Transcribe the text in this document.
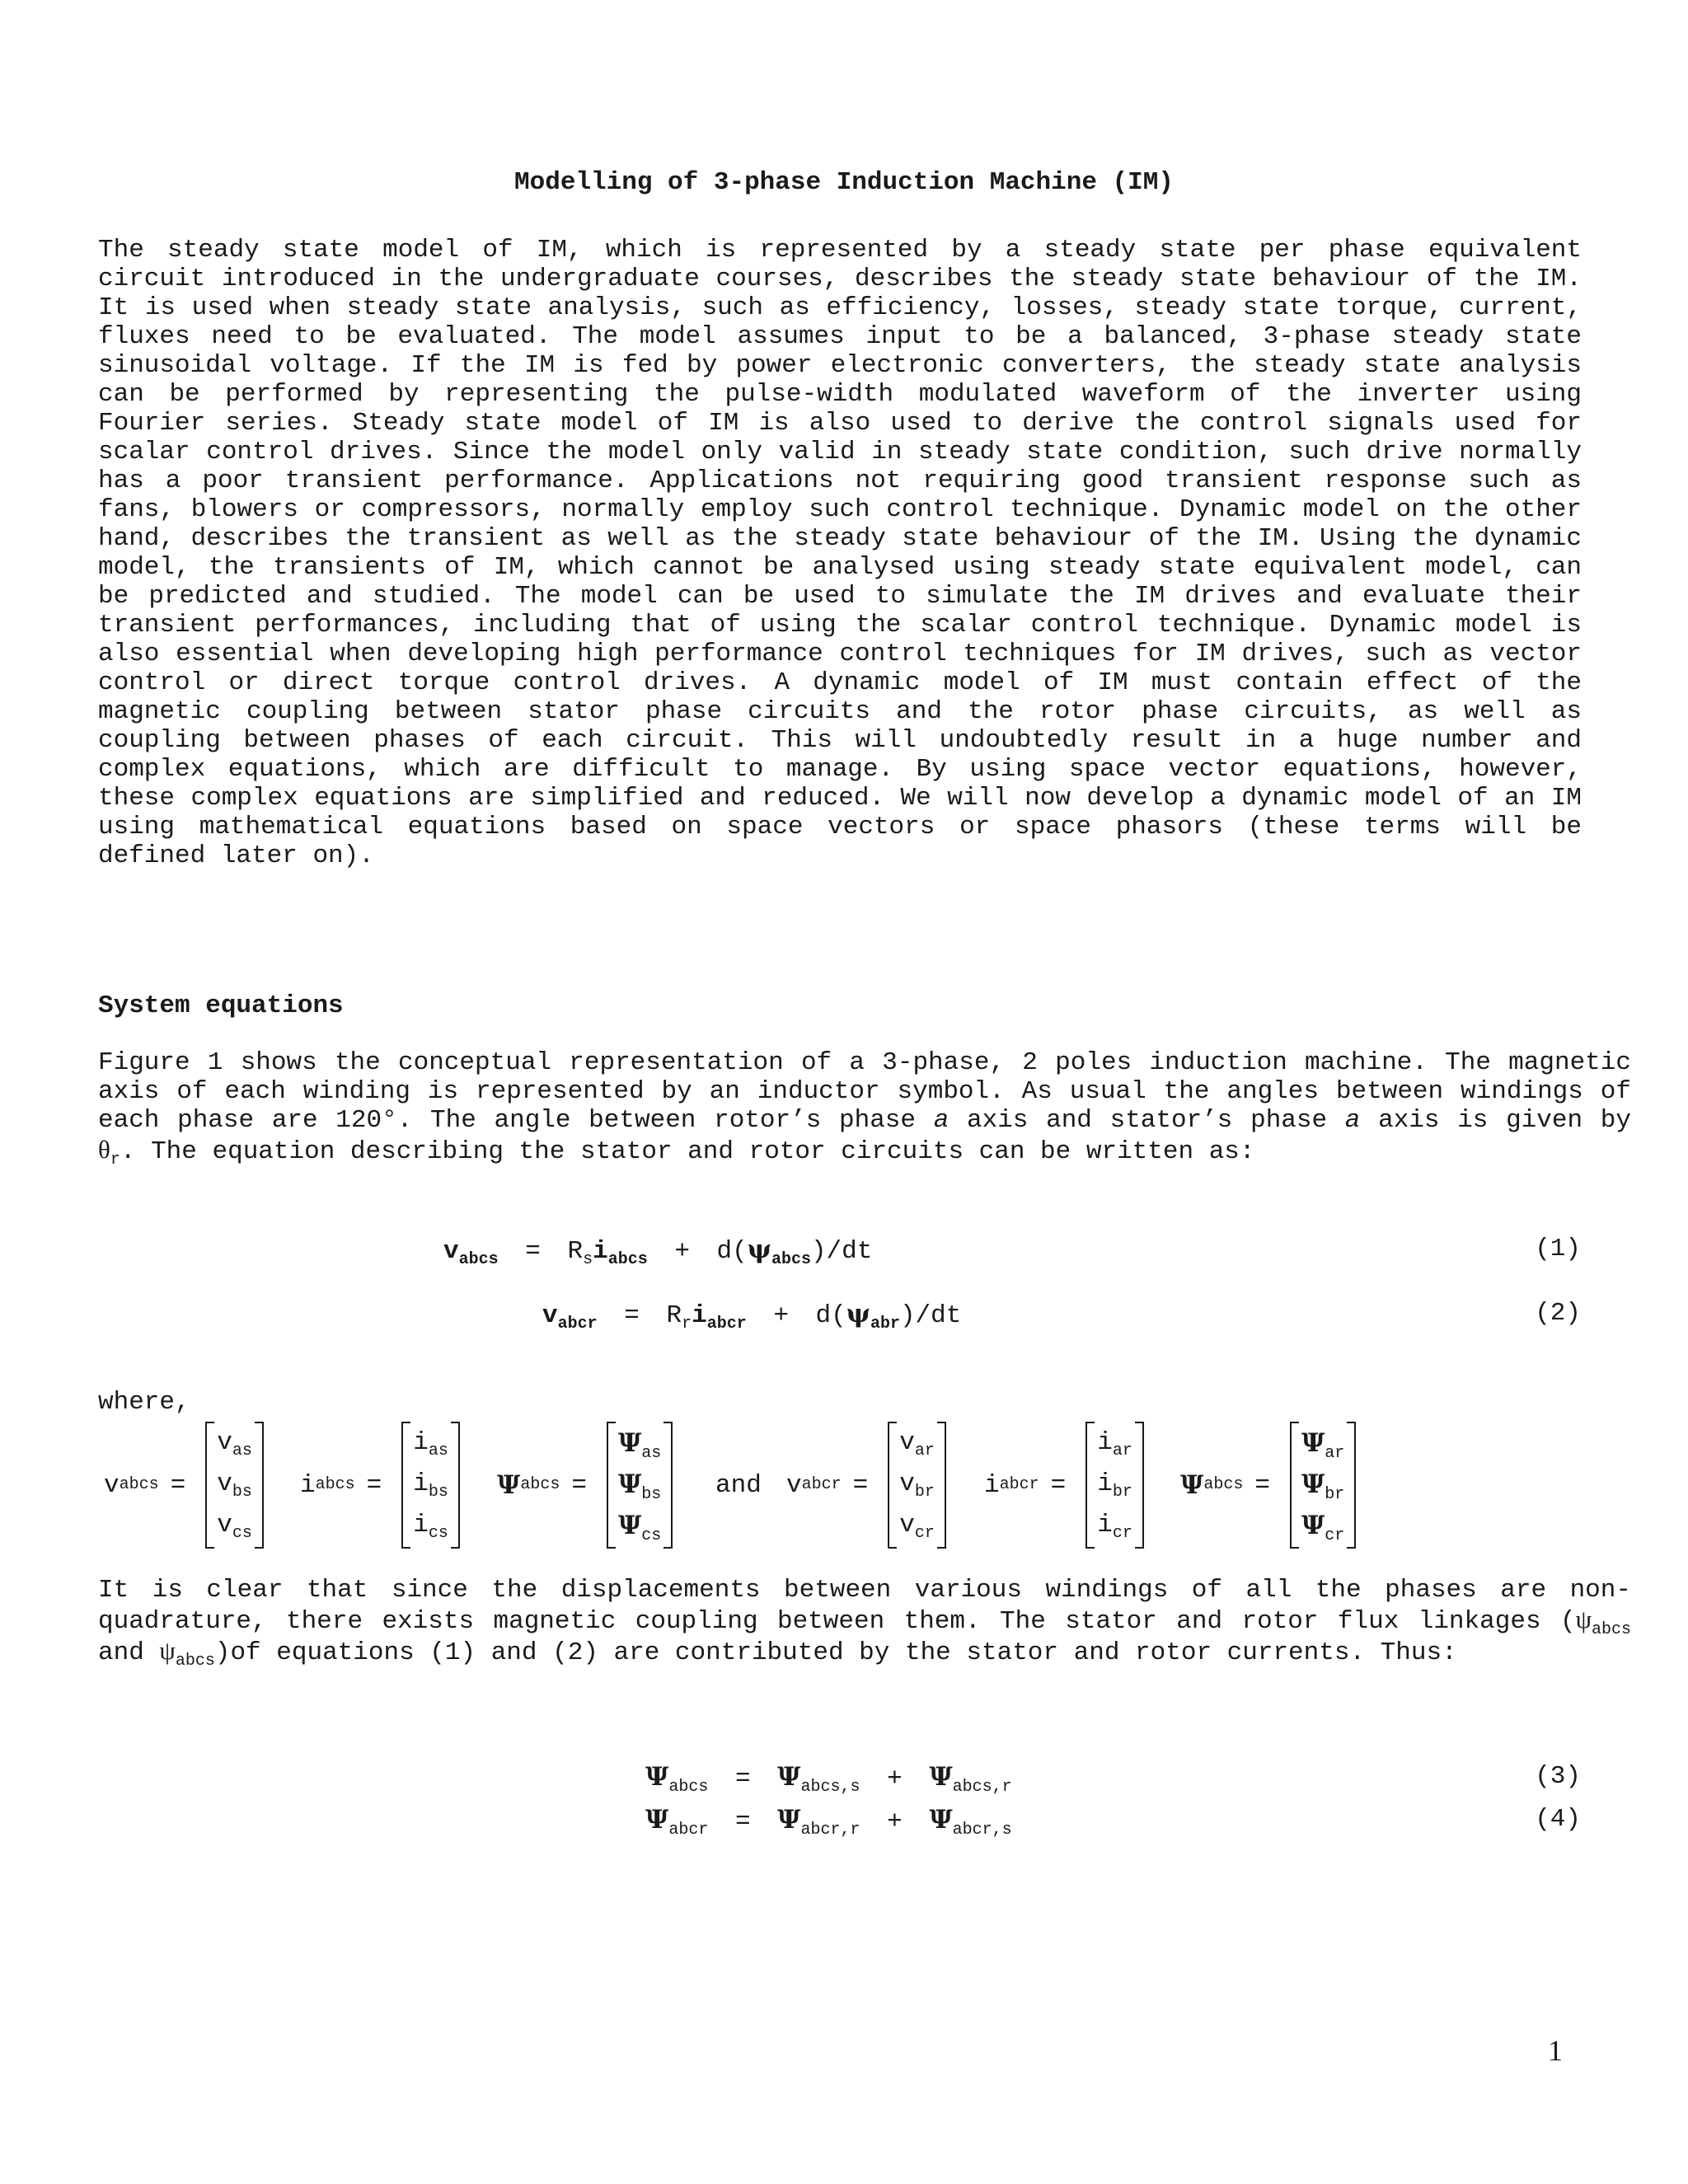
Modelling of 3-phase Induction Machine (IM)

The steady state model of IM, which is represented by a steady state per phase equivalent circuit introduced in the undergraduate courses, describes the steady state behaviour of the IM. It is used when steady state analysis, such as efficiency, losses, steady state torque, current, fluxes need to be evaluated. The model assumes input to be a balanced, 3-phase steady state sinusoidal voltage. If the IM is fed by power electronic converters, the steady state analysis can be performed by representing the pulse-width modulated waveform of the inverter using Fourier series. Steady state model of IM is also used to derive the control signals used for scalar control drives. Since the model only valid in steady state condition, such drive normally has a poor transient performance. Applications not requiring good transient response such as fans, blowers or compressors, normally employ such control technique. Dynamic model on the other hand, describes the transient as well as the steady state behaviour of the IM. Using the dynamic model, the transients of IM, which cannot be analysed using steady state equivalent model, can be predicted and studied. The model can be used to simulate the IM drives and evaluate their transient performances, including that of using the scalar control technique. Dynamic model is also essential when developing high performance control techniques for IM drives, such as vector control or direct torque control drives. A dynamic model of IM must contain effect of the magnetic coupling between stator phase circuits and the rotor phase circuits, as well as coupling between phases of each circuit. This will undoubtedly result in a huge number and complex equations, which are difficult to manage. By using space vector equations, however, these complex equations are simplified and reduced. We will now develop a dynamic model of an IM using mathematical equations based on space vectors or space phasors (these terms will be defined later on).

System equations

Figure 1 shows the conceptual representation of a 3-phase, 2 poles induction machine. The magnetic axis of each winding is represented by an inductor symbol. As usual the angles between windings of each phase are 120°. The angle between rotor’s phase a axis and stator’s phase a axis is given by $\theta_r$. The equation describing the stator and rotor circuits can be written as:

$v_{abcs} = R_si_{abcs} + d(\psi_{abcs})/dt$	(1)
$v_{abcr} = R_ri_{abcr} + d(\psi_{abr})/dt$	(2)

where,

v abcs =
$v_{as}$
$v_{bs}$
$v_{cs}$
i abcs =
$i_{as}$
$i_{bs}$
$i_{cs}$
Ψ abcs =
$\Psi_{as}$
$\Psi_{bs}$
$\Psi_{cs}$
and v abcr =
$v_{ar}$
$v_{br}$
$v_{cr}$
i abcr =
$i_{ar}$
$i_{br}$
$i_{cr}$
Ψ abcs =
$\Psi_{ar}$
$\Psi_{br}$
$\Psi_{cr}$

It is clear that since the displacements between various windings of all the phases are non-quadrature, there exists magnetic coupling between them. The stator and rotor flux linkages ($\psi_{abcs}$ and $\psi_{abcs})of$ equations (1) and (2) are contributed by the stator and rotor currents. Thus:

$\Psi_{abcs} = \Psi_{abcs,s} + \Psi_{abcs,r}$	(3)
$\Psi_{abcr} = \Psi_{abcr,r} + \Psi_{abcr,s}$	(4)
1
